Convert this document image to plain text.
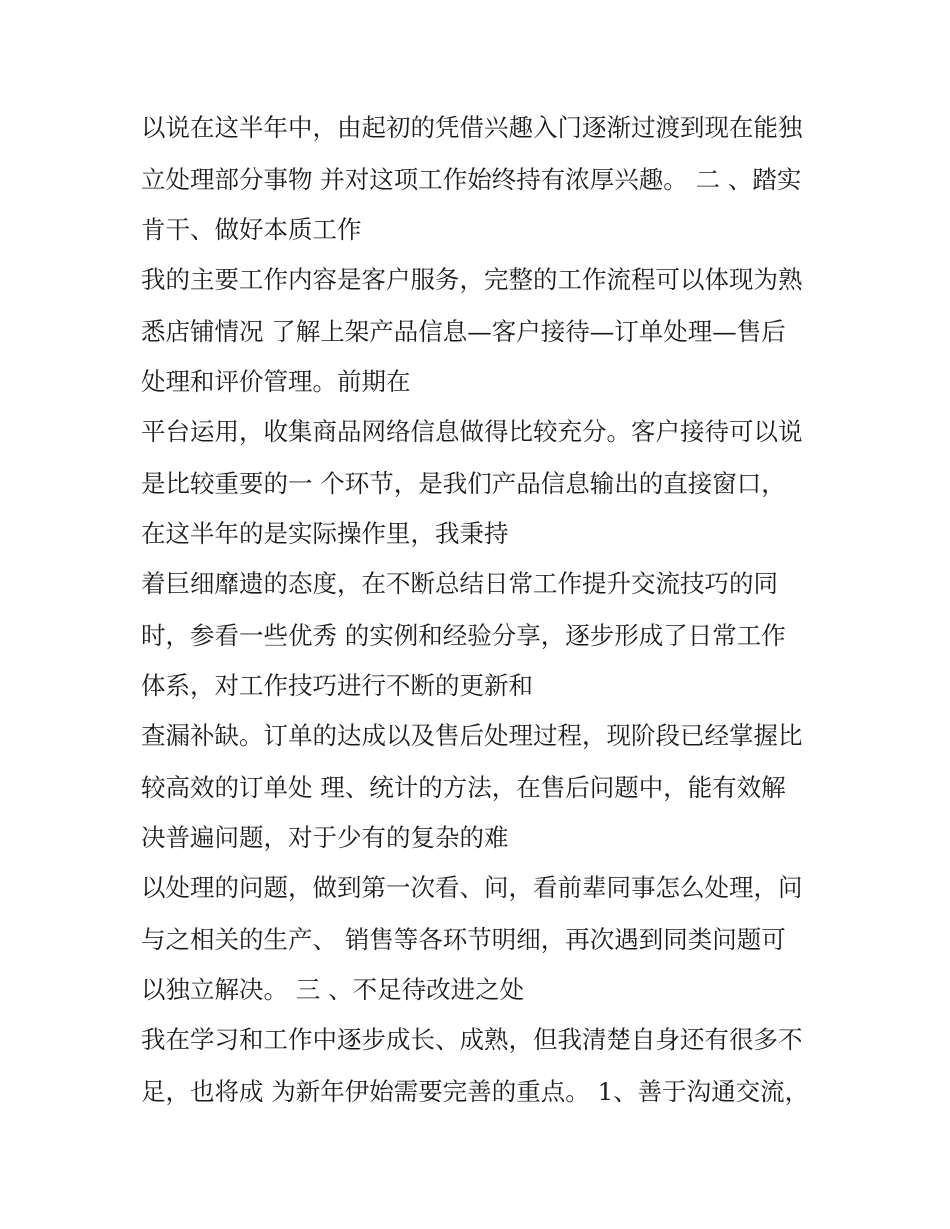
以说在这半年中，由起初的凭借兴趣入门逐渐过渡到现在能独
立处理部分事物 并对这项工作始终持有浓厚兴趣。 二 、踏实
肯干、做好本质工作
我的主要工作内容是客户服务，完整的工作流程可以体现为熟
悉店铺情况 了解上架产品信息—客户接待—订单处理—售后
处理和评价管理。前期在
平台运用，收集商品网络信息做得比较充分。客户接待可以说
是比较重要的一 个环节，是我们产品信息输出的直接窗口，
在这半年的是实际操作里，我秉持
着巨细靡遗的态度，在不断总结日常工作提升交流技巧的同
时，参看一些优秀 的实例和经验分享，逐步形成了日常工作
体系，对工作技巧进行不断的更新和
查漏补缺。订单的达成以及售后处理过程，现阶段已经掌握比
较高效的订单处 理、统计的方法，在售后问题中，能有效解
决普遍问题，对于少有的复杂的难
以处理的问题，做到第一次看、问，看前辈同事怎么处理，问
与之相关的生产、 销售等各环节明细，再次遇到同类问题可
以独立解决。 三 、不足待改进之处
我在学习和工作中逐步成长、成熟，但我清楚自身还有很多不
足，也将成 为新年伊始需要完善的重点。 1、善于沟通交流，
